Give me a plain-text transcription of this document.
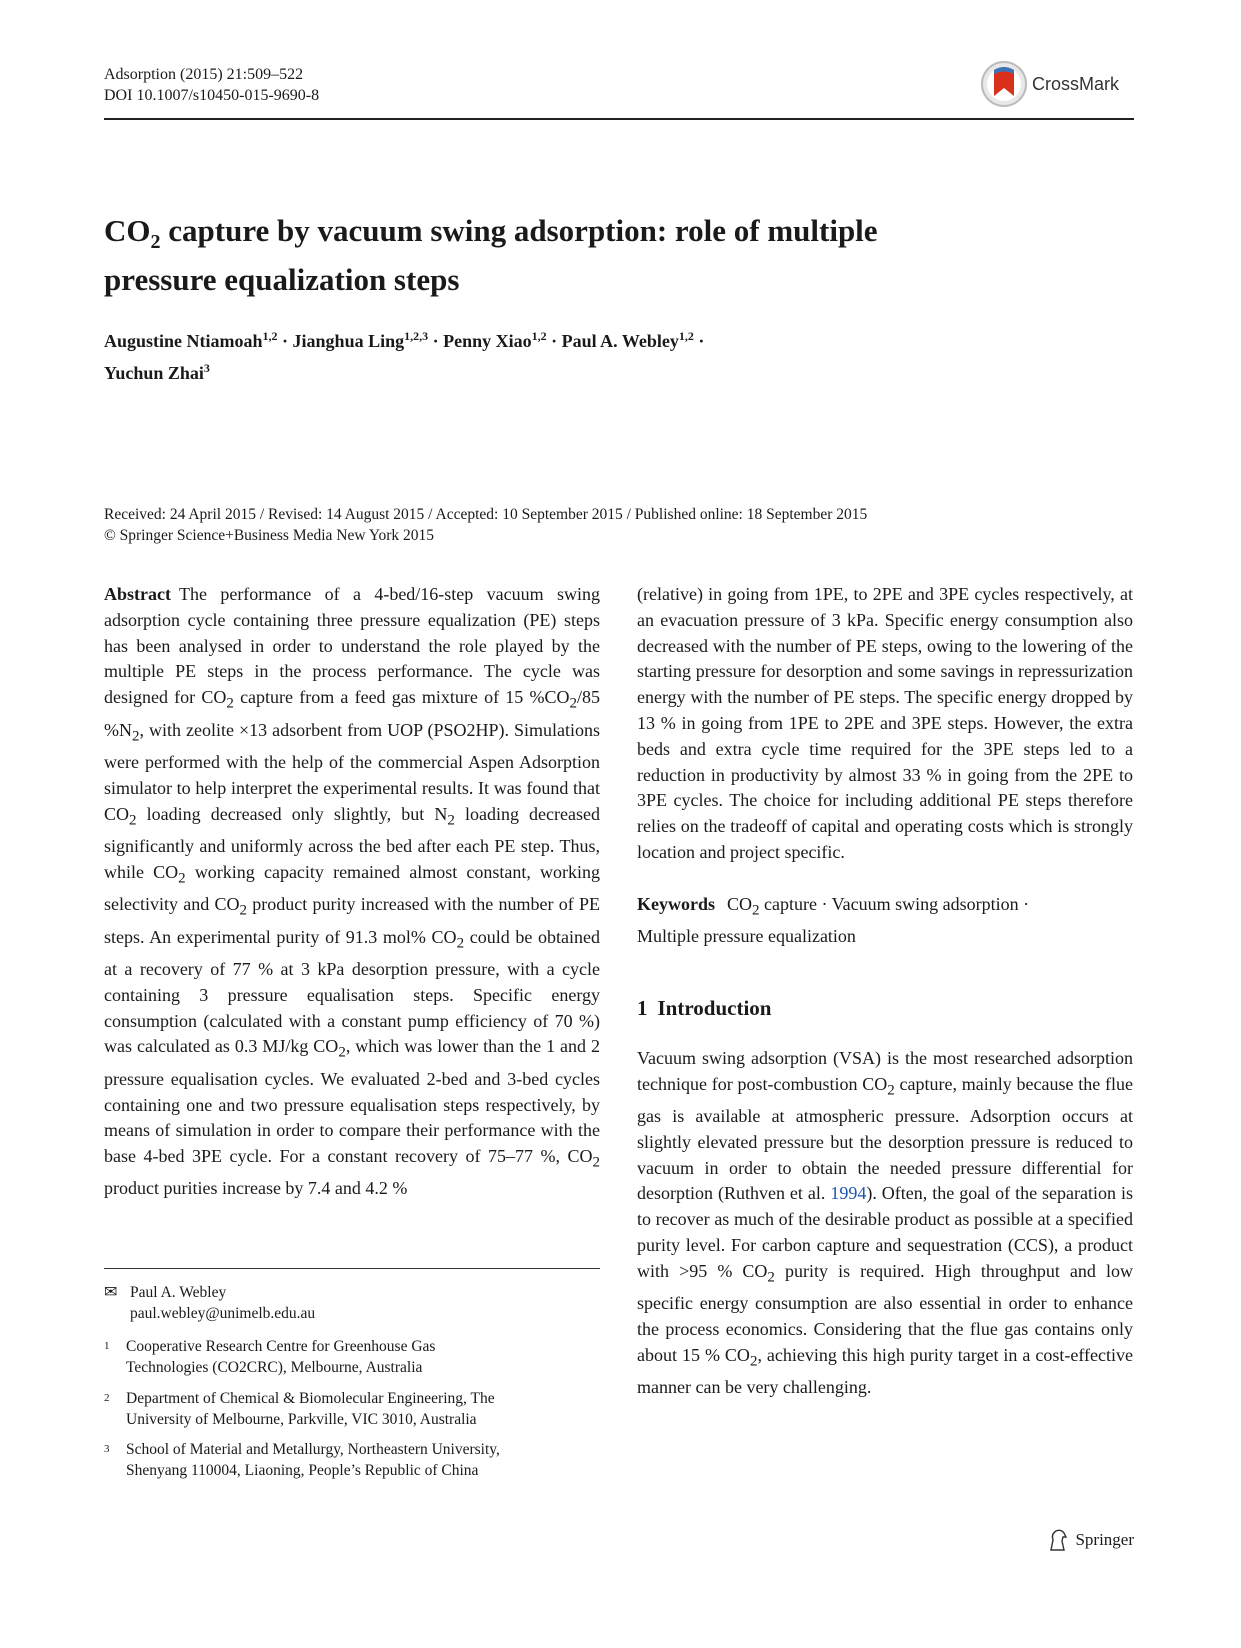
Adsorption (2015) 21:509–522
DOI 10.1007/s10450-015-9690-8
CrossMark
$CO_2$ capture by vacuum swing adsorption: role of multiple
pressure equalization steps
Augustine Ntiamoah$^{1,2}$ · Jianghua Ling$^{1,2,3}$ · Penny Xiao$^{1,2}$ · Paul A. Webley$^{1,2}$ ·
Yuchun Zhai$^3$
Received: 24 April 2015 / Revised: 14 August 2015 / Accepted: 10 September 2015 / Published online: 18 September 2015
© Springer Science+Business Media New York 2015

Abstract The performance of a 4-bed/16-step vacuum swing adsorption cycle containing three pressure equalization (PE) steps has been analysed in order to understand the role played by the multiple PE steps in the process performance. The cycle was designed for $CO_2$ capture from a feed gas mixture of 15 $\%CO_2/85$ $\%N_2$, with zeolite ×13 adsorbent from UOP (PSO2HP). Simulations were performed with the help of the commercial Aspen Adsorption simulator to help interpret the experimental results. It was found that $CO_2$ loading decreased only slightly, but $N_2$ loading decreased significantly and uniformly across the bed after each PE step. Thus, while $CO_2$ working capacity remained almost constant, working selectivity and $CO_2$ product purity increased with the number of PE steps. An experimental purity of 91.3 mol% $CO_2$ could be obtained at a recovery of 77 % at 3 kPa desorption pressure, with a cycle containing 3 pressure equalisation steps. Specific energy consumption (calculated with a constant pump efficiency of 70 %) was calculated as 0.3 MJ/kg $CO_2$, which was lower than the 1 and 2 pressure equalisation cycles. We evaluated 2-bed and 3-bed cycles containing one and two pressure equalisation steps respectively, by means of simulation in order to compare their performance with the base 4-bed 3PE cycle. For a constant recovery of 75–77 %, $CO_2$ product purities increase by 7.4 and 4.2 %

✉ Paul A. Webley
paul.webley@unimelb.edu.au
1	Cooperative Research Centre for Greenhouse Gas
Technologies (CO2CRC), Melbourne, Australia
2	Department of Chemical & Biomolecular Engineering, The
University of Melbourne, Parkville, VIC 3010, Australia
3	School of Material and Metallurgy, Northeastern University,
Shenyang 110004, Liaoning, People’s Republic of China

(relative) in going from 1PE, to 2PE and 3PE cycles respectively, at an evacuation pressure of 3 kPa. Specific energy consumption also decreased with the number of PE steps, owing to the lowering of the starting pressure for desorption and some savings in repressurization energy with the number of PE steps. The specific energy dropped by 13 % in going from 1PE to 2PE and 3PE steps. However, the extra beds and extra cycle time required for the 3PE steps led to a reduction in productivity by almost 33 % in going from the 2PE to 3PE cycles. The choice for including additional PE steps therefore relies on the tradeoff of capital and operating costs which is strongly location and project specific.

Keywords $CO_2$ capture · Vacuum swing adsorption ·
Multiple pressure equalization

1 Introduction

Vacuum swing adsorption (VSA) is the most researched adsorption technique for post-combustion $CO_2$ capture, mainly because the flue gas is available at atmospheric pressure. Adsorption occurs at slightly elevated pressure but the desorption pressure is reduced to vacuum in order to obtain the needed pressure differential for desorption (Ruthven et al. 1994). Often, the goal of the separation is to recover as much of the desirable product as possible at a specified purity level. For carbon capture and sequestration (CCS), a product with >95 % $CO_2$ purity is required. High throughput and low specific energy consumption are also essential in order to enhance the process economics. Considering that the flue gas contains only about 15 % $CO_2$, achieving this high purity target in a cost-effective manner can be very challenging.

Springer
